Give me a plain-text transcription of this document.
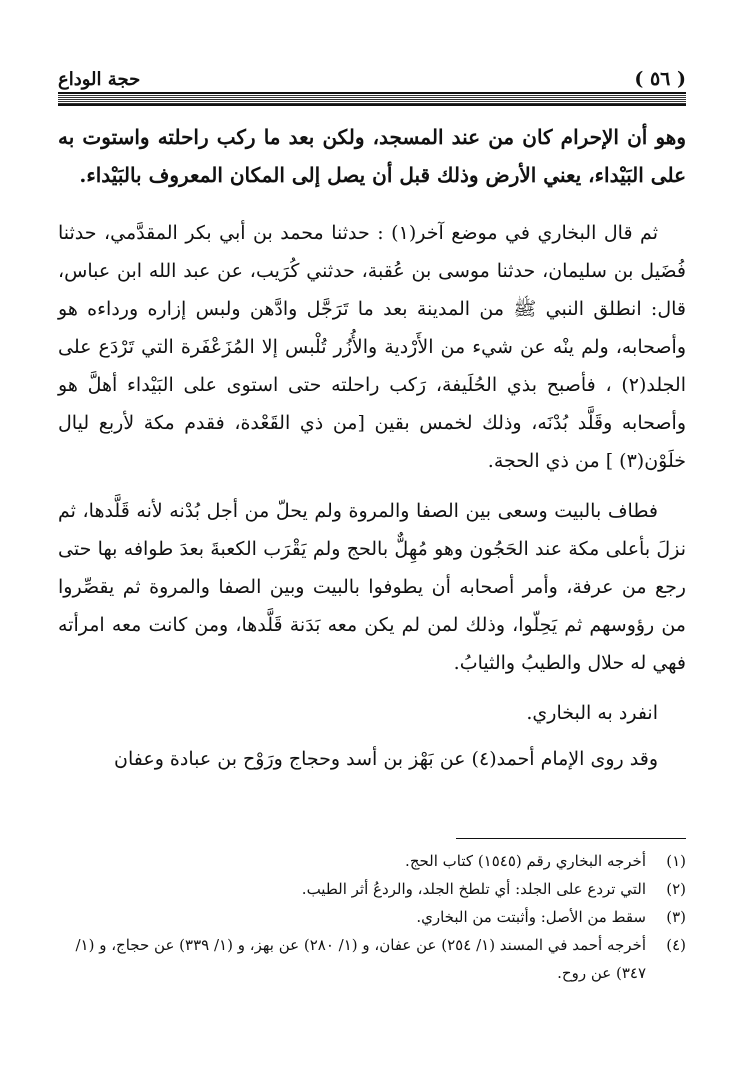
( ٥٦ )
حجة الوداع

وهو أن الإحرام كان من عند المسجد، ولكن بعد ما ركب راحلته واستوت به على البَيْداء، يعني الأرض وذلك قبل أن يصل إلى المكان المعروف بالبَيْداء.

ثم قال البخاري في موضع آخر(١) : حدثنا محمد بن أبي بكر المقدَّمي، حدثنا فُضَيل بن سليمان، حدثنا موسى بن عُقبة، حدثني كُرَيب، عن عبد الله ابن عباس، قال: انطلق النبي ﷺ من المدينة بعد ما تَرَجَّل وادَّهن ولبس إزاره ورداءه هو وأصحابه، ولم ينْه عن شيء من الأَرْدية والأُزُر تُلْبس إلا المُزَعْفَرة التي تَرْدَع على الجلد(٢) ، فأصبح بذي الحُلَيفة، رَكب راحلته حتى استوى على البَيْداء أهلَّ هو وأصحابه وقَلَّد بُدْنَه، وذلك لخمس بقين [من ذي القَعْدة، فقدم مكة لأربع ليال خلَوْن(٣) ] من ذي الحجة.

فطاف بالبيت وسعى بين الصفا والمروة ولم يحلّ من أجل بُدْنه لأنه قَلَّدها، ثم نزلَ بأعلى مكة عند الحَجُون وهو مُهِلٌّ بالحج ولم يَقْرَب الكعبةَ بعدَ طوافه بها حتى رجع من عرفة، وأمر أصحابه أن يطوفوا بالبيت وبين الصفا والمروة ثم يقصِّروا من رؤوسهم ثم يَحِلّوا، وذلك لمن لم يكن معه بَدَنة قَلَّدها، ومن كانت معه امرأته فهي له حلال والطيبُ والثيابُ.

انفرد به البخاري.

وقد روى الإمام أحمد(٤) عن بَهْز بن أسد وحجاج ورَوْح بن عبادة وعفان

(١)
أخرجه البخاري رقم (١٥٤٥) كتاب الحج.
(٢)
التي تردع على الجلد: أي تلطخ الجلد، والردعُ أثر الطيب.
(٣)
سقط من الأصل: وأثبتت من البخاري.
(٤)
أخرجه أحمد في المسند (١/ ٢٥٤) عن عفان، و (١/ ٢٨٠) عن بهز، و (١/ ٣٣٩) عن حجاج، و (١/ ٣٤٧) عن روح.
